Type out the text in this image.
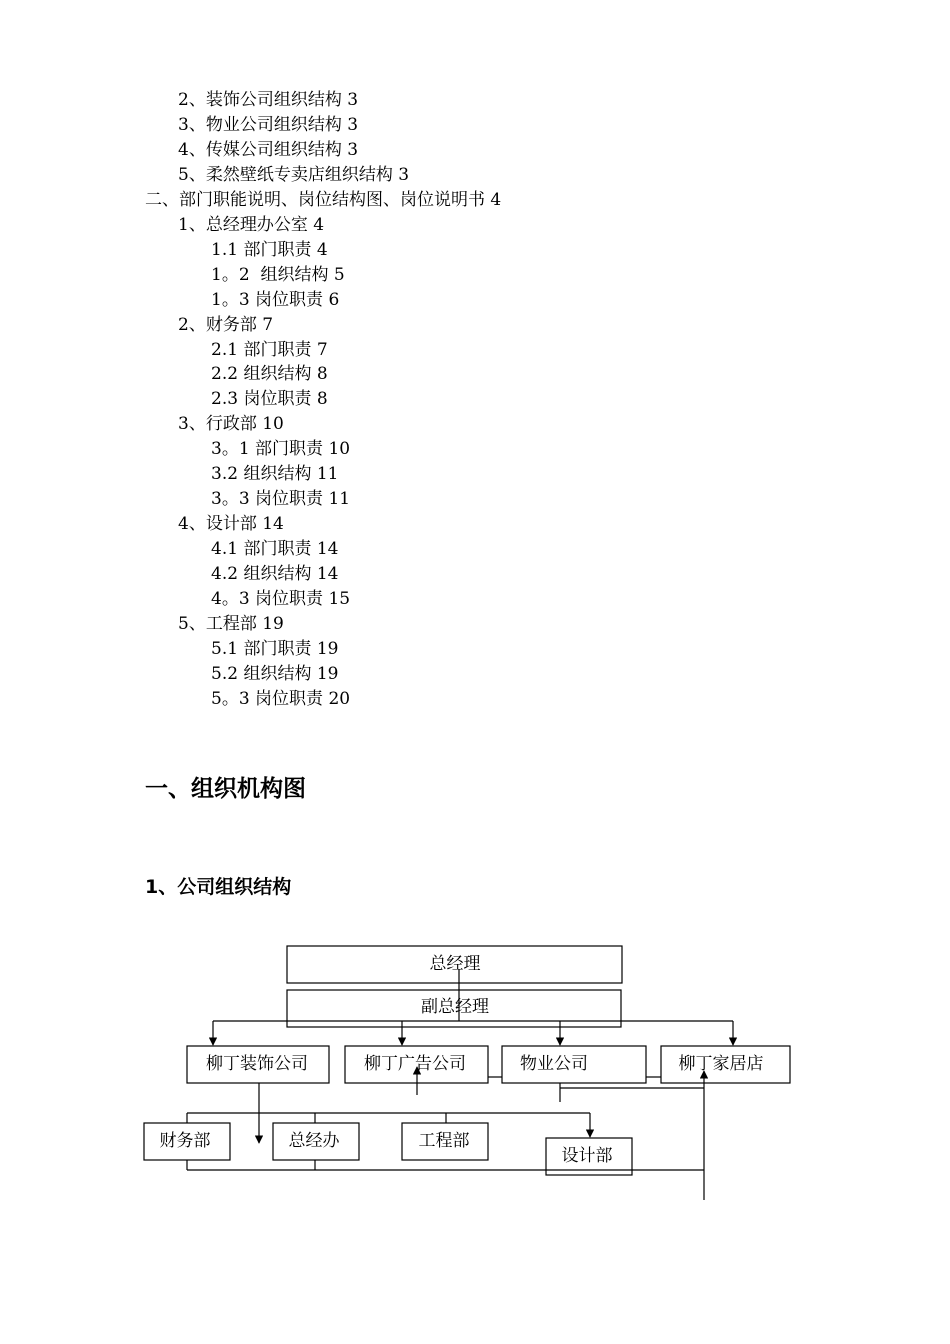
2、装饰公司组织结构 3
3、物业公司组织结构 3
4、传媒公司组织结构 3
5、柔然壁纸专卖店组织结构 3
二、部门职能说明、岗位结构图、岗位说明书 4
1、总经理办公室 4
1.1 部门职责 4
1。2  组织结构 5
1。3 岗位职责 6
2、财务部 7
2.1 部门职责 7
2.2 组织结构 8
2.3 岗位职责 8
3、行政部 10
3。1 部门职责 10
3.2 组织结构 11
3。3 岗位职责 11
4、设计部 14
4.1 部门职责 14
4.2 组织结构 14
4。3 岗位职责 15
5、工程部 19
5.1 部门职责 19
5.2 组织结构 19
5。3 岗位职责 20
一、组织机构图
1、公司组织结构
总经理
副总经理
柳丁装饰公司	柳丁广告公司	物业公司	柳丁家居店
财务部	总经办	工程部
设计部
